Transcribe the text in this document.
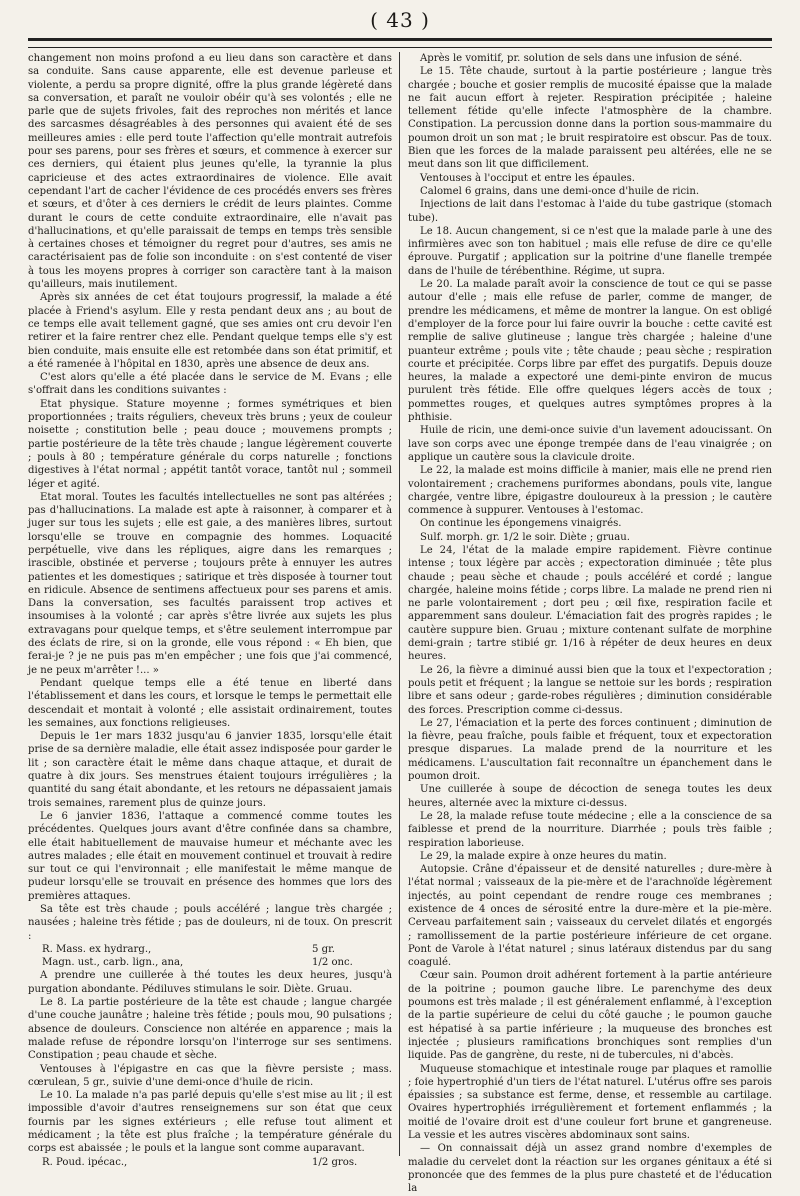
( 43 )

changement non moins profond a eu lieu dans son caractère et dans sa conduite. Sans cause apparente, elle est devenue parleuse et violente, a perdu sa propre dignité, offre la plus grande légèreté dans sa conversation, et paraît ne vouloir obéir qu'à ses volontés ; elle ne parle que de sujets frivoles, fait des reproches non mérités et lance des sarcasmes désagréables à des personnes qui avaient été de ses meilleures amies : elle perd toute l'affection qu'elle montrait autrefois pour ses parens, pour ses frères et sœurs, et commence à exercer sur ces derniers, qui étaient plus jeunes qu'elle, la tyrannie la plus capricieuse et des actes extraordinaires de violence. Elle avait cependant l'art de cacher l'évidence de ces procédés envers ses frères et sœurs, et d'ôter à ces derniers le crédit de leurs plaintes. Comme durant le cours de cette conduite extraordinaire, elle n'avait pas d'hallucinations, et qu'elle paraissait de temps en temps très sensible à certaines choses et témoigner du regret pour d'autres, ses amis ne caractérisaient pas de folie son inconduite : on s'est contenté de viser à tous les moyens propres à corriger son caractère tant à la maison qu'ailleurs, mais inutilement.

Après six années de cet état toujours progressif, la malade a été placée à Friend's asylum. Elle y resta pendant deux ans ; au bout de ce temps elle avait tellement gagné, que ses amies ont cru devoir l'en retirer et la faire rentrer chez elle. Pendant quelque temps elle s'y est bien conduite, mais ensuite elle est retombée dans son état primitif, et a été ramenée à l'hôpital en 1830, après une absence de deux ans.

C'est alors qu'elle a été placée dans le service de M. Evans ; elle s'offrait dans les conditions suivantes :

Etat physique. Stature moyenne ; formes symétriques et bien proportionnées ; traits réguliers, cheveux très bruns ; yeux de couleur noisette ; constitution belle ; peau douce ; mouvemens prompts ; partie postérieure de la tête très chaude ; langue légèrement couverte ; pouls à 80 ; température générale du corps naturelle ; fonctions digestives à l'état normal ; appétit tantôt vorace, tantôt nul ; sommeil léger et agité.

Etat moral. Toutes les facultés intellectuelles ne sont pas altérées ; pas d'hallucinations. La malade est apte à raisonner, à comparer et à juger sur tous les sujets ; elle est gaie, a des manières libres, surtout lorsqu'elle se trouve en compagnie des hommes. Loquacité perpétuelle, vive dans les répliques, aigre dans les remarques ; irascible, obstinée et perverse ; toujours prête à ennuyer les autres patientes et les domestiques ; satirique et très disposée à tourner tout en ridicule. Absence de sentimens affectueux pour ses parens et amis. Dans la conversation, ses facultés paraissent trop actives et insoumises à la volonté ; car après s'être livrée aux sujets les plus extravagans pour quelque temps, et s'être seulement interrompue par des éclats de rire, si on la gronde, elle vous répond : « Eh bien, que ferai-je ? je ne puis pas m'en empêcher ; une fois que j'ai commencé, je ne peux m'arrêter !... »

Pendant quelque temps elle a été tenue en liberté dans l'établissement et dans les cours, et lorsque le temps le permettait elle descendait et montait à volonté ; elle assistait ordinairement, toutes les semaines, aux fonctions religieuses.

Depuis le 1er mars 1832 jusqu'au 6 janvier 1835, lorsqu'elle était prise de sa dernière maladie, elle était assez indisposée pour garder le lit ; son caractère était le même dans chaque attaque, et durait de quatre à dix jours. Ses menstrues étaient toujours irrégulières ; la quantité du sang était abondante, et les retours ne dépassaient jamais trois semaines, rarement plus de quinze jours.

Le 6 janvier 1836, l'attaque a commencé comme toutes les précédentes. Quelques jours avant d'être confinée dans sa chambre, elle était habituellement de mauvaise humeur et méchante avec les autres malades ; elle était en mouvement continuel et trouvait à redire sur tout ce qui l'environnait ; elle manifestait le même manque de pudeur lorsqu'elle se trouvait en présence des hommes que lors des premières attaques.

Sa tête est très chaude ; pouls accéléré ; langue très chargée ; nausées ; haleine très fétide ; pas de douleurs, ni de toux. On prescrit :

R. Mass. ex hydrarg.,	5 gr.
Magn. ust., carb. lign., ana,	1/2 onc.

A prendre une cuillerée à thé toutes les deux heures, jusqu'à purgation abondante. Pédiluves stimulans le soir. Diète. Gruau.

Le 8. La partie postérieure de la tête est chaude ; langue chargée d'une couche jaunâtre ; haleine très fétide ; pouls mou, 90 pulsations ; absence de douleurs. Conscience non altérée en apparence ; mais la malade refuse de répondre lorsqu'on l'interroge sur ses sentimens. Constipation ; peau chaude et sèche.

Ventouses à l'épigastre en cas que la fièvre persiste ; mass. cœrulean, 5 gr., suivie d'une demi-once d'huile de ricin.

Le 10. La malade n'a pas parlé depuis qu'elle s'est mise au lit ; il est impossible d'avoir d'autres renseignemens sur son état que ceux fournis par les signes extérieurs ; elle refuse tout aliment et médicament ; la tête est plus fraîche ; la température générale du corps est abaissée ; le pouls et la langue sont comme auparavant.

R. Poud. ipécac.,	1/2 gros.

Après le vomitif, pr. solution de sels dans une infusion de séné.

Le 15. Tête chaude, surtout à la partie postérieure ; langue très chargée ; bouche et gosier remplis de mucosité épaisse que la malade ne fait aucun effort à rejeter. Respiration précipitée ; haleine tellement fétide qu'elle infecte l'atmosphère de la chambre. Constipation. La percussion donne dans la portion sous-mammaire du poumon droit un son mat ; le bruit respiratoire est obscur. Pas de toux. Bien que les forces de la malade paraissent peu altérées, elle ne se meut dans son lit que difficilement.

Ventouses à l'occiput et entre les épaules.

Calomel 6 grains, dans une demi-once d'huile de ricin.

Injections de lait dans l'estomac à l'aide du tube gastrique (stomach tube).

Le 18. Aucun changement, si ce n'est que la malade parle à une des infirmières avec son ton habituel ; mais elle refuse de dire ce qu'elle éprouve. Purgatif ; application sur la poitrine d'une flanelle trempée dans de l'huile de térébenthine. Régime, ut supra.

Le 20. La malade paraît avoir la conscience de tout ce qui se passe autour d'elle ; mais elle refuse de parler, comme de manger, de prendre les médicamens, et même de montrer la langue. On est obligé d'employer de la force pour lui faire ouvrir la bouche : cette cavité est remplie de salive glutineuse ; langue très chargée ; haleine d'une puanteur extrême ; pouls vite ; tête chaude ; peau sèche ; respiration courte et précipitée. Corps libre par effet des purgatifs. Depuis douze heures, la malade a expectoré une demi-pinte environ de mucus purulent très fétide. Elle offre quelques légers accès de toux ; pommettes rouges, et quelques autres symptômes propres à la phthisie.

Huile de ricin, une demi-once suivie d'un lavement adoucissant. On lave son corps avec une éponge trempée dans de l'eau vinaigrée ; on applique un cautère sous la clavicule droite.

Le 22, la malade est moins difficile à manier, mais elle ne prend rien volontairement ; crachemens puriformes abondans, pouls vite, langue chargée, ventre libre, épigastre douloureux à la pression ; le cautère commence à suppurer. Ventouses à l'estomac.

On continue les épongemens vinaigrés.

Sulf. morph. gr. 1/2 le soir. Diète ; gruau.

Le 24, l'état de la malade empire rapidement. Fièvre continue intense ; toux légère par accès ; expectoration diminuée ; tête plus chaude ; peau sèche et chaude ; pouls accéléré et cordé ; langue chargée, haleine moins fétide ; corps libre. La malade ne prend rien ni ne parle volontairement ; dort peu ; œil fixe, respiration facile et apparemment sans douleur. L'émaciation fait des progrès rapides ; le cautère suppure bien. Gruau ; mixture contenant sulfate de morphine demi-grain ; tartre stibié gr. 1/16 à répéter de deux heures en deux heures.

Le 26, la fièvre a diminué aussi bien que la toux et l'expectoration ; pouls petit et fréquent ; la langue se nettoie sur les bords ; respiration libre et sans odeur ; garde-robes régulières ; diminution considérable des forces. Prescription comme ci-dessus.

Le 27, l'émaciation et la perte des forces continuent ; diminution de la fièvre, peau fraîche, pouls faible et fréquent, toux et expectoration presque disparues. La malade prend de la nourriture et les médicamens. L'auscultation fait reconnaître un épanchement dans le poumon droit.

Une cuillerée à soupe de décoction de senega toutes les deux heures, alternée avec la mixture ci-dessus.

Le 28, la malade refuse toute médecine ; elle a la conscience de sa faiblesse et prend de la nourriture. Diarrhée ; pouls très faible ; respiration laborieuse.

Le 29, la malade expire à onze heures du matin.

Autopsie. Crâne d'épaisseur et de densité naturelles ; dure-mère à l'état normal ; vaisseaux de la pie-mère et de l'arachnoïde légèrement injectés, au point cependant de rendre rouge ces membranes ; existence de 4 onces de sérosité entre la dure-mère et la pie-mère. Cerveau parfaitement sain ; vaisseaux du cervelet dilatés et engorgés ; ramollissement de la partie postérieure inférieure de cet organe. Pont de Varole à l'état naturel ; sinus latéraux distendus par du sang coagulé.

Cœur sain. Poumon droit adhérent fortement à la partie antérieure de la poitrine ; poumon gauche libre. Le parenchyme des deux poumons est très malade ; il est généralement enflammé, à l'exception de la partie supérieure de celui du côté gauche ; le poumon gauche est hépatisé à sa partie inférieure ; la muqueuse des bronches est injectée ; plusieurs ramifications bronchiques sont remplies d'un liquide. Pas de gangrène, du reste, ni de tubercules, ni d'abcès.

Muqueuse stomachique et intestinale rouge par plaques et ramollie ; foie hypertrophié d'un tiers de l'état naturel. L'utérus offre ses parois épaissies ; sa substance est ferme, dense, et ressemble au cartilage. Ovaires hypertrophiés irrégulièrement et fortement enflammés ; la moitié de l'ovaire droit est d'une couleur fort brune et gangreneuse. La vessie et les autres viscères abdominaux sont sains.

— On connaissait déjà un assez grand nombre d'exemples de maladie du cervelet dont la réaction sur les organes génitaux a été si prononcée que des femmes de la plus pure chasteté et de l'éducation la
